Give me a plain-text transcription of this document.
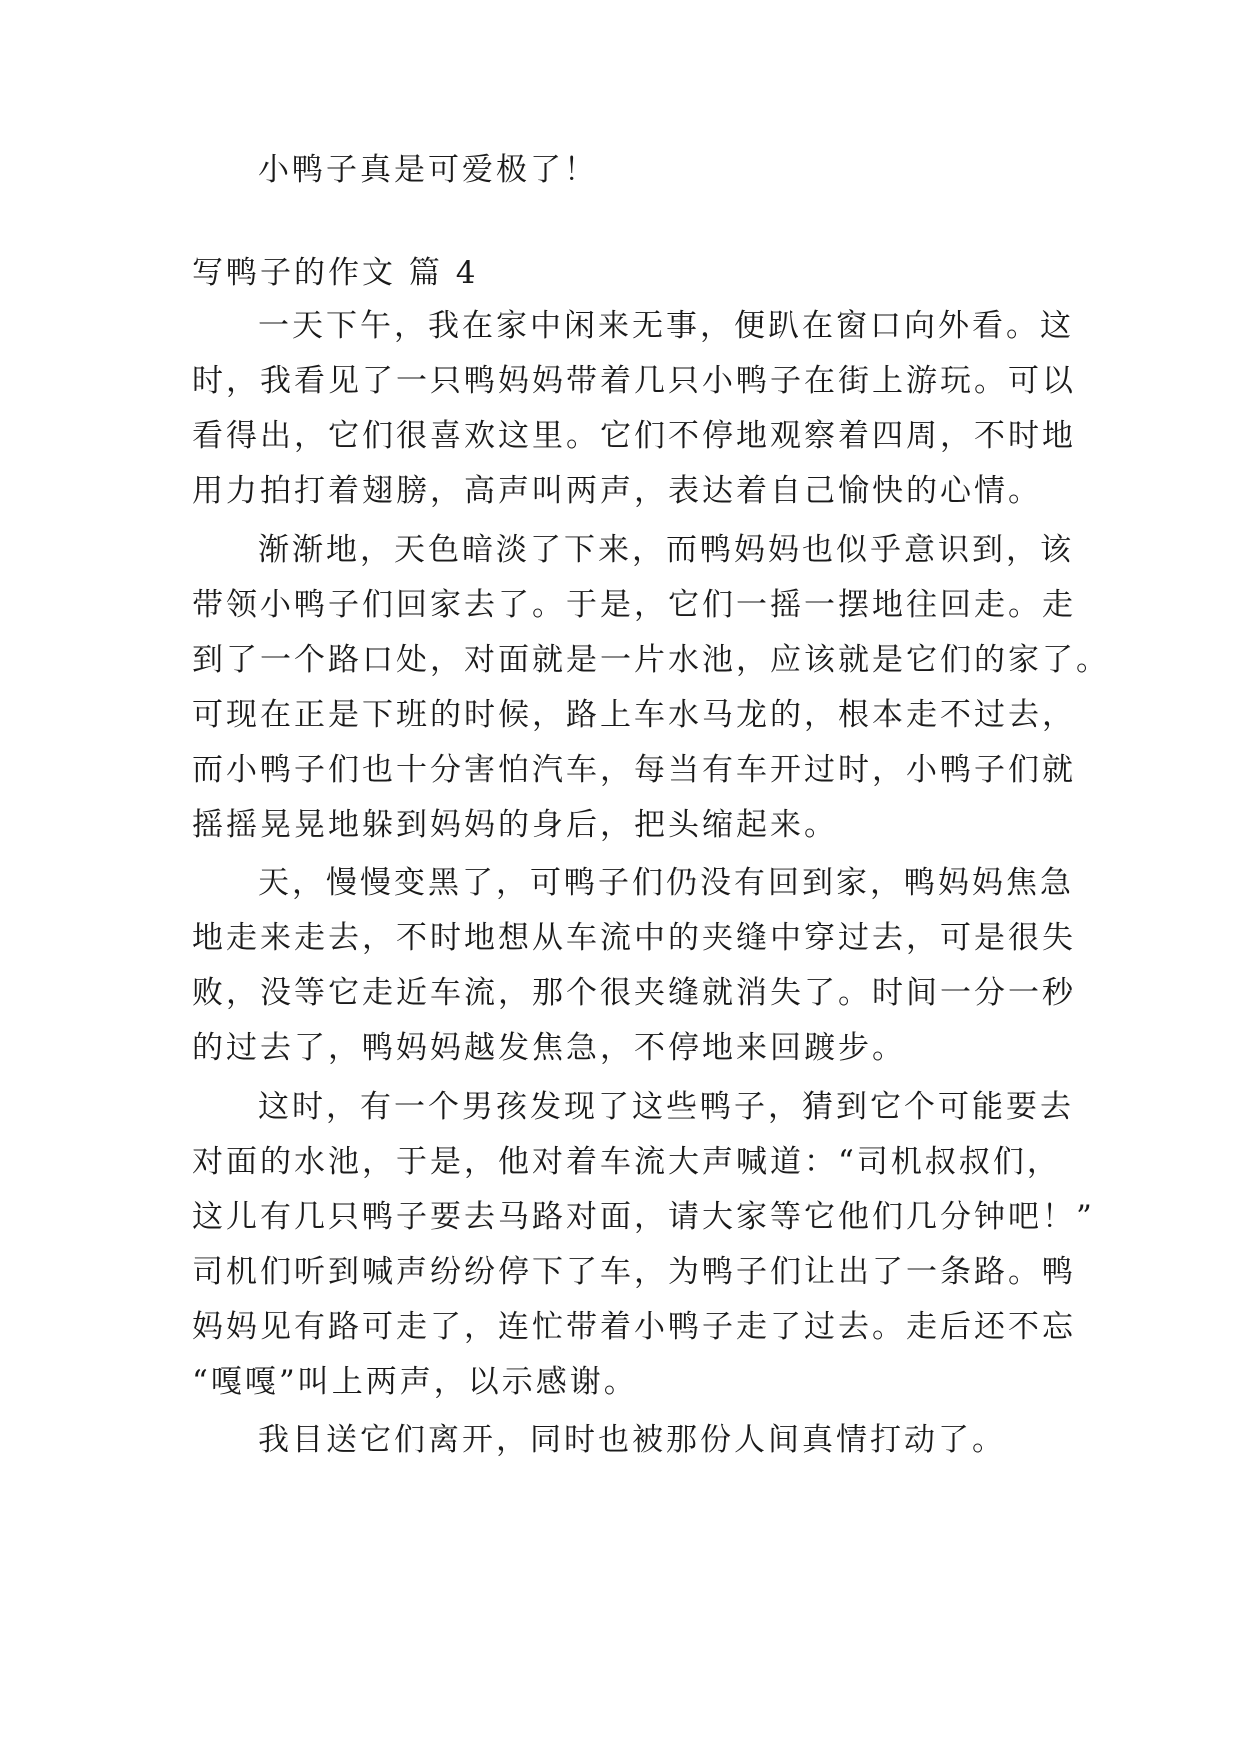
小鸭子真是可爱极了！
写鸭子的作文 篇 4
一天下午，我在家中闲来无事，便趴在窗口向外看。这
时，我看见了一只鸭妈妈带着几只小鸭子在街上游玩。可以
看得出，它们很喜欢这里。它们不停地观察着四周，不时地
用力拍打着翅膀，高声叫两声，表达着自己愉快的心情。
渐渐地，天色暗淡了下来，而鸭妈妈也似乎意识到，该
带领小鸭子们回家去了。于是，它们一摇一摆地往回走。走
到了一个路口处，对面就是一片水池，应该就是它们的家了。
可现在正是下班的时候，路上车水马龙的，根本走不过去，
而小鸭子们也十分害怕汽车，每当有车开过时，小鸭子们就
摇摇晃晃地躲到妈妈的身后，把头缩起来。
天，慢慢变黑了，可鸭子们仍没有回到家，鸭妈妈焦急
地走来走去，不时地想从车流中的夹缝中穿过去，可是很失
败，没等它走近车流，那个很夹缝就消失了。时间一分一秒
的过去了，鸭妈妈越发焦急，不停地来回踱步。
这时，有一个男孩发现了这些鸭子，猜到它个可能要去
对面的水池，于是，他对着车流大声喊道：“司机叔叔们，
这儿有几只鸭子要去马路对面，请大家等它他们几分钟吧！”
司机们听到喊声纷纷停下了车，为鸭子们让出了一条路。鸭
妈妈见有路可走了，连忙带着小鸭子走了过去。走后还不忘
“嘎嘎”叫上两声，以示感谢。
我目送它们离开，同时也被那份人间真情打动了。
